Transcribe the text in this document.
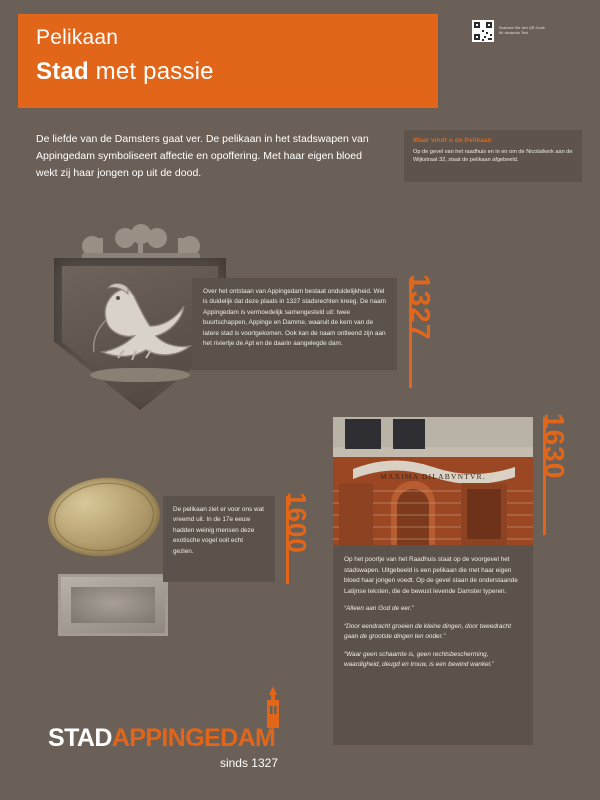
Pelikaan
Stad met passie
Scannen Sie den QR-Code
für deutsche Text
De liefde van de Damsters gaat ver. De pelikaan in het stadswapen van Appingedam symboliseert affectie en opoffering. Met haar eigen bloed wekt zij haar jongen op uit de dood.
Waar vindt u de Pelikaan

Op de gevel van het raadhuis en in en om de Nicolaïkerk aan de Wijkstraat 32, staat de pelikaan afgebeeld.

Over het ontstaan van Appingedam bestaat onduidelijkheid. Wel is duidelijk dat deze plaats in 1327 stadsrechten kreeg. De naam Appingedam is vermoedelijk samengesteld uit: twee buurtschappen, Appinge en Damme, waaruit de kern van de latere stad is voortgekomen. Ook kan de naam ontleend zijn aan het riviertje de Apt en de daarin aangelegde dam.

1327

De pelikaan ziet er voor ons wat vreemd uit. In de 17e eeuw hadden weinig mensen deze exotische vogel ooit echt gezien.	1600
MAXIMA DILABVNTVR. 1630

Op het poortje van het Raadhuis staat op de voorgevel het stadswapen. Uitgebeeld is een pelikaan die met haar eigen bloed haar jongen voedt. Op de gevel staan de onderstaande Latijnse teksten, die de bewust levende Damster typeren.

“Alleen aan God de eer.”

“Door eendracht groeien de kleine dingen, door tweedracht gaan de grootste dingen ten onder.”

“Waar geen schaamte is, geen rechtsbescherming, waardigheid, deugd en trouw, is een bewind wankel.”

STADAPPINGEDAM
sinds 1327
